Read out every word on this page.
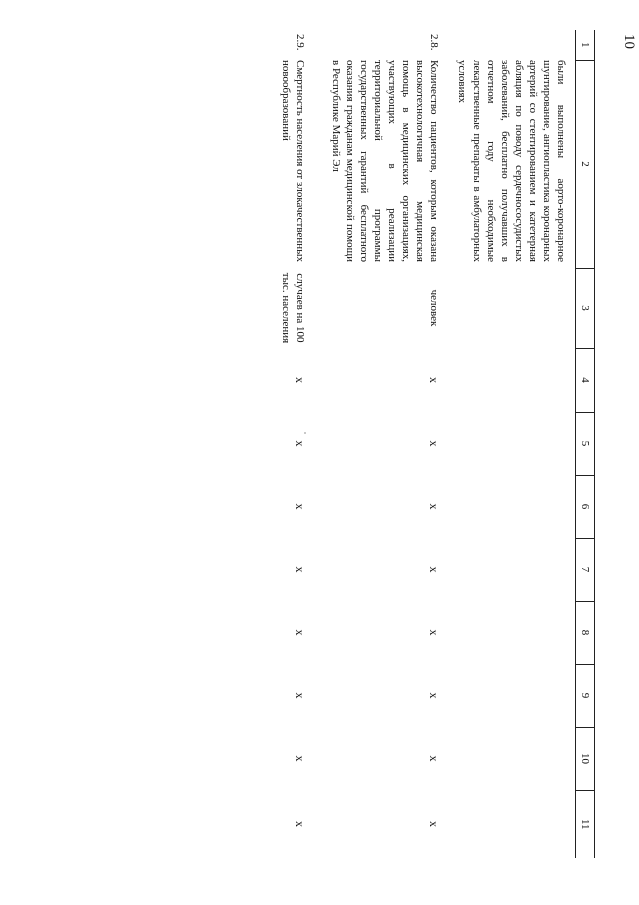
10
1	2	3	4	5	6	7	8	9	10	11
	были выполнены аорто-коронарное шунтирование, ангиопластика коронарных артерий со стентированием и катетерная абляция по поводу сердечнососудистых заболеваний, бесплатно получавших в отчетном году необходимые лекарственные препараты в амбулаторных условиях									
2.8.	Количество пациентов, которым оказана высокотехнологичная медицинская помощь в медицинских организациях, участвующих в реализации территориальной программы государственных гарантий бесплатного оказания гражданам медицинской помощи в Республике Марий Эл	человек	x	x	x	x	x	x	x	x
2.9.	Смертность населения от злокачественных новообразований	случаев на 100 тыс. населения	x	x	x	x	x	x	x	x
